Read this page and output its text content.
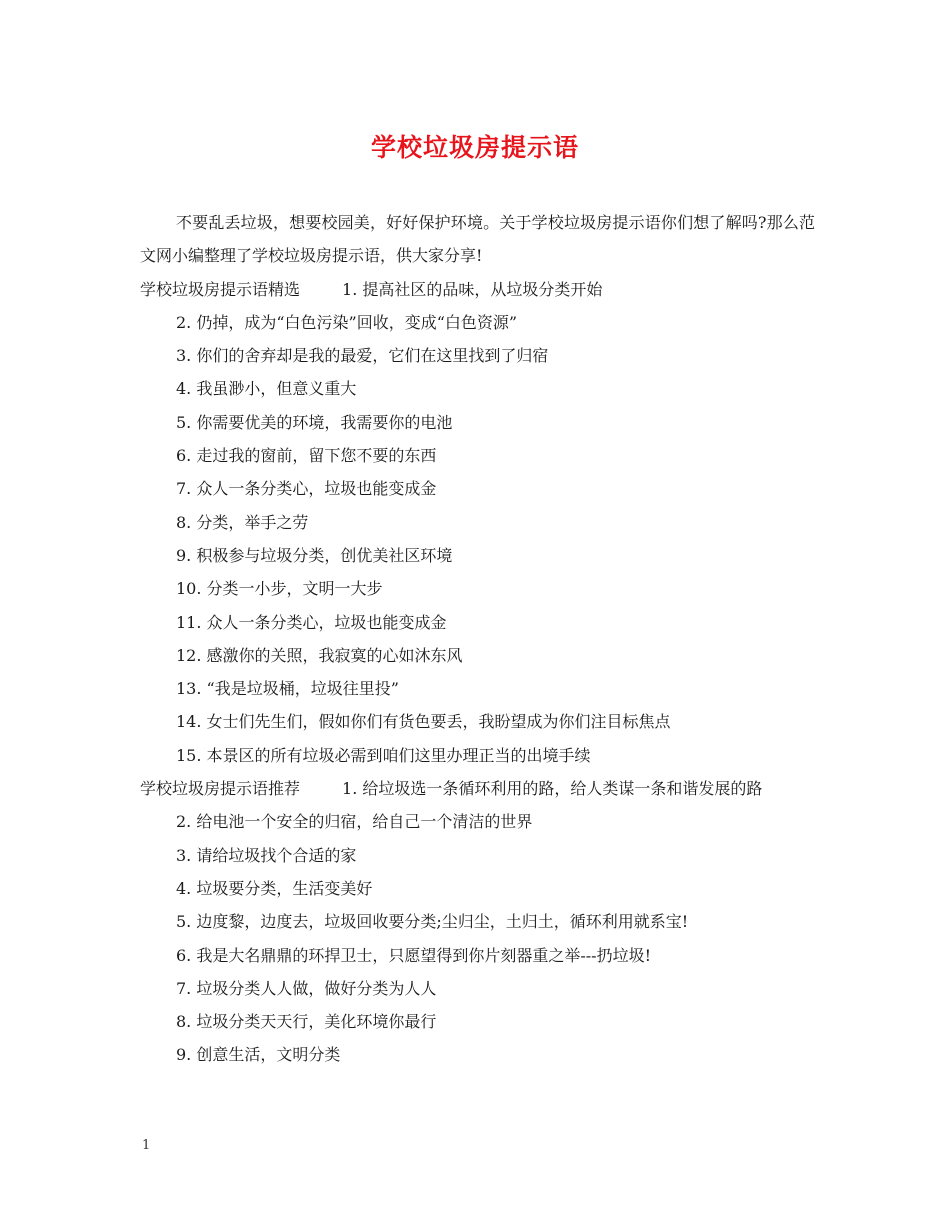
学校垃圾房提示语

不要乱丢垃圾，想要校园美，好好保护环境。关于学校垃圾房提示语你们想了解吗?那么范文网小编整理了学校垃圾房提示语，供大家分享!

学校垃圾房提示语精选	1. 提高社区的品味，从垃圾分类开始

2. 仍掉，成为“白色污染”回收，变成“白色资源”

3. 你们的舍弃却是我的最爱，它们在这里找到了归宿

4. 我虽渺小，但意义重大

5. 你需要优美的环境，我需要你的电池

6. 走过我的窗前，留下您不要的东西

7. 众人一条分类心，垃圾也能变成金

8. 分类，举手之劳

9. 积极参与垃圾分类，创优美社区环境

10. 分类一小步，文明一大步

11. 众人一条分类心，垃圾也能变成金

12. 感激你的关照，我寂寞的心如沐东风

13. “我是垃圾桶，垃圾往里投”

14. 女士们先生们，假如你们有货色要丢，我盼望成为你们注目标焦点

15. 本景区的所有垃圾必需到咱们这里办理正当的出境手续

学校垃圾房提示语推荐	1. 给垃圾选一条循环利用的路，给人类谋一条和谐发展的路

2. 给电池一个安全的归宿，给自己一个清洁的世界

3. 请给垃圾找个合适的家

4. 垃圾要分类，生活变美好

5. 边度黎，边度去，垃圾回收要分类;尘归尘，土归土，循环利用就系宝!

6. 我是大名鼎鼎的环捍卫士，只愿望得到你片刻器重之举---扔垃圾!

7. 垃圾分类人人做，做好分类为人人

8. 垃圾分类天天行，美化环境你最行

9. 创意生活，文明分类

1
